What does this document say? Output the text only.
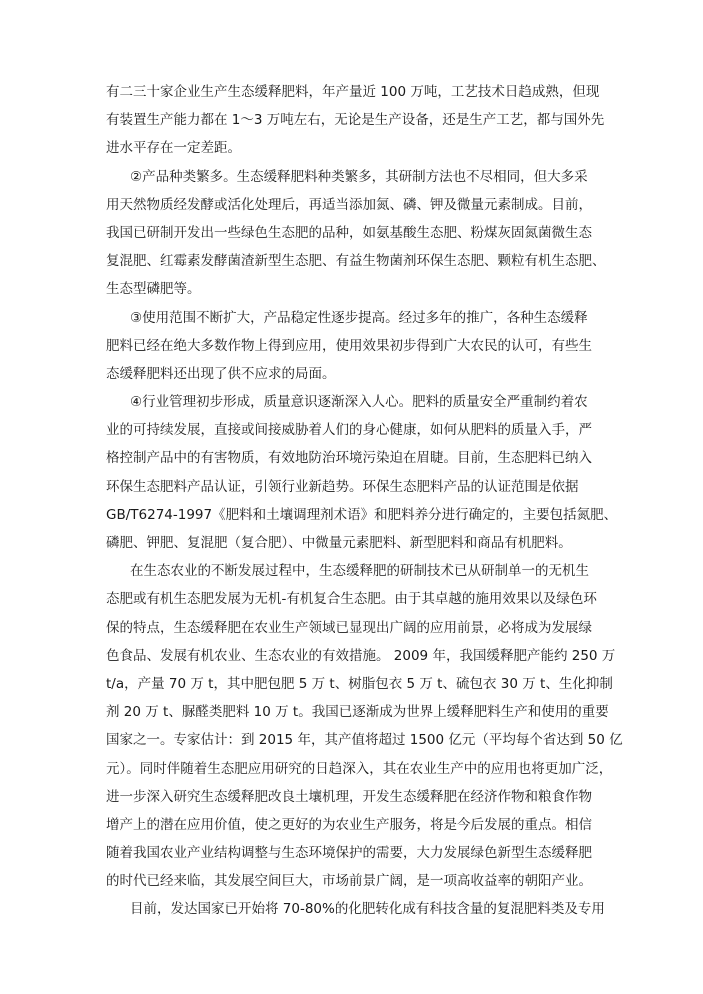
有二三十家企业生产生态缓释肥料，年产量近 100 万吨，工艺技术日趋成熟，但现
有装置生产能力都在 1～3 万吨左右，无论是生产设备，还是生产工艺，都与国外先
进水平存在一定差距。
②产品种类繁多。生态缓释肥料种类繁多，其研制方法也不尽相同，但大多采
用天然物质经发酵或活化处理后，再适当添加氮、磷、钾及微量元素制成。目前，
我国已研制开发出一些绿色生态肥的品种，如氨基酸生态肥、粉煤灰固氮菌微生态
复混肥、红霉素发酵菌渣新型生态肥、有益生物菌剂环保生态肥、颗粒有机生态肥、
生态型磷肥等。
③使用范围不断扩大，产品稳定性逐步提高。经过多年的推广，各种生态缓释
肥料已经在绝大多数作物上得到应用，使用效果初步得到广大农民的认可，有些生
态缓释肥料还出现了供不应求的局面。
④行业管理初步形成，质量意识逐渐深入人心。肥料的质量安全严重制约着农
业的可持续发展，直接或间接威胁着人们的身心健康，如何从肥料的质量入手，严
格控制产品中的有害物质，有效地防治环境污染迫在眉睫。目前，生态肥料已纳入
环保生态肥料产品认证，引领行业新趋势。环保生态肥料产品的认证范围是依据
GB/T6274-1997《肥料和土壤调理剂术语》和肥料养分进行确定的，主要包括氮肥、
磷肥、钾肥、复混肥（复合肥）、中微量元素肥料、新型肥料和商品有机肥料。
在生态农业的不断发展过程中，生态缓释肥的研制技术已从研制单一的无机生
态肥或有机生态肥发展为无机-有机复合生态肥。由于其卓越的施用效果以及绿色环
保的特点，生态缓释肥在农业生产领域已显现出广阔的应用前景，必将成为发展绿
色食品、发展有机农业、生态农业的有效措施。 2009 年，我国缓释肥产能约 250 万
t/a，产量 70 万 t，其中肥包肥 5 万 t、树脂包衣 5 万 t、硫包衣 30 万 t、生化抑制
剂 20 万 t、脲醛类肥料 10 万 t。我国已逐渐成为世界上缓释肥料生产和使用的重要
国家之一。专家估计：到 2015 年，其产值将超过 1500 亿元（平均每个省达到 50 亿
元）。同时伴随着生态肥应用研究的日趋深入，其在农业生产中的应用也将更加广泛，
进一步深入研究生态缓释肥改良土壤机理，开发生态缓释肥在经济作物和粮食作物
增产上的潜在应用价值，使之更好的为农业生产服务，将是今后发展的重点。相信
随着我国农业产业结构调整与生态环境保护的需要，大力发展绿色新型生态缓释肥
的时代已经来临，其发展空间巨大，市场前景广阔，是一项高收益率的朝阳产业。
目前，发达国家已开始将 70-80%的化肥转化成有科技含量的复混肥料类及专用
